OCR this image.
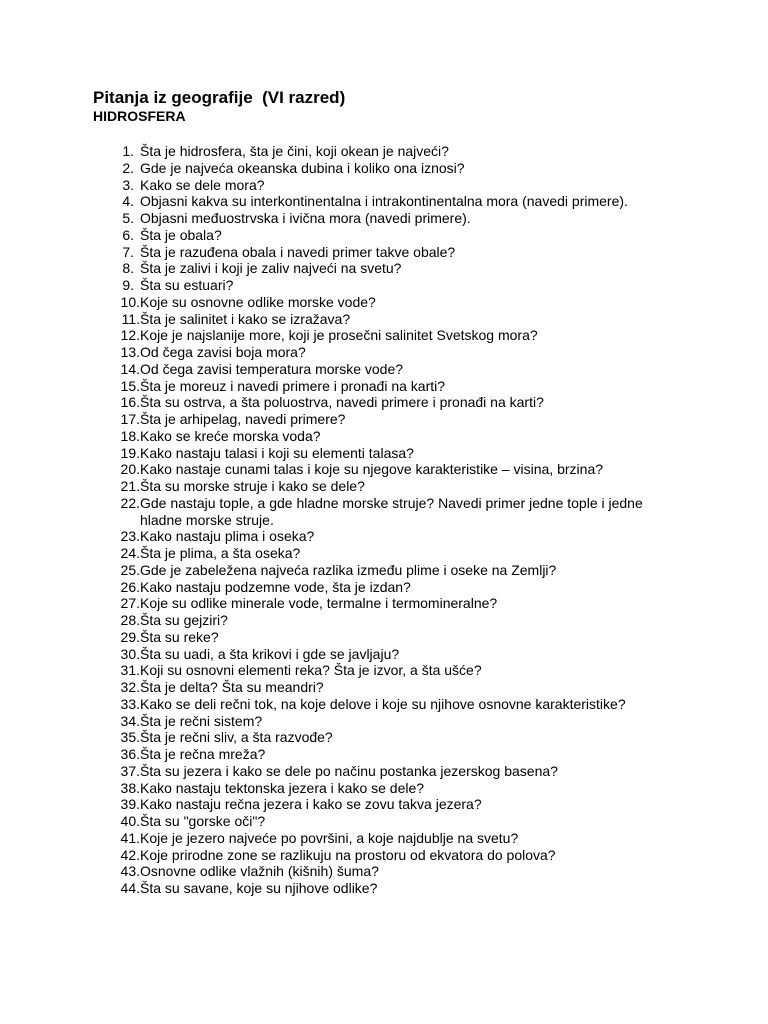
Pitanja iz geografije  (VI razred)
HIDROSFERA
1. Šta je hidrosfera, šta je čini, koji okean je najveći?
2. Gde je najveća okeanska dubina i koliko ona iznosi?
3. Kako se dele mora?
4. Objasni kakva su interkontinentalna i intrakontinentalna mora (navedi primere).
5. Objasni međuostrvska i ivična mora (navedi primere).
6. Šta je obala?
7. Šta je razuđena obala i navedi primer takve obale?
8. Šta je zalivi i koji je zaliv najveći na svetu?
9. Šta su estuari?
10. Koje su osnovne odlike morske vode?
11. Šta je salinitet i kako se izražava?
12. Koje je najslanije more, koji je prosečni salinitet Svetskog mora?
13. Od čega zavisi boja mora?
14. Od čega zavisi temperatura morske vode?
15. Šta je moreuz i navedi primere i pronađi na karti?
16. Šta su ostrva, a šta poluostrva, navedi primere i pronađi na karti?
17. Šta je arhipelag, navedi primere?
18. Kako se kreće morska voda?
19. Kako nastaju talasi i koji su elementi talasa?
20. Kako nastaje cunami talas i koje su njegove karakteristike – visina, brzina?
21. Šta su morske struje i kako se dele?
22. Gde nastaju tople, a gde hladne morske struje? Navedi primer jedne tople i jedne hladne morske struje.
23. Kako nastaju plima i oseka?
24. Šta je plima, a šta oseka?
25. Gde je zabeležena najveća razlika između plime i oseke na Zemlji?
26. Kako nastaju podzemne vode, šta je izdan?
27. Koje su odlike minerale vode, termalne i termomineralne?
28. Šta su gejziri?
29. Šta su reke?
30. Šta su uadi, a šta krikovi i gde se javljaju?
31. Koji su osnovni elementi reka? Šta je izvor, a šta ušće?
32. Šta je delta? Šta su meandri?
33. Kako se deli rečni tok, na koje delove i koje su njihove osnovne karakteristike?
34. Šta je rečni sistem?
35. Šta je rečni sliv, a šta razvođe?
36. Šta je rečna mreža?
37. Šta su jezera i kako se dele po načinu postanka jezerskog basena?
38. Kako nastaju tektonska jezera i kako se dele?
39. Kako nastaju rečna jezera i kako se zovu takva jezera?
40. Šta su "gorske oči"?
41. Koje je jezero najveće po površini, a koje najdublje na svetu?
42. Koje prirodne zone se razlikuju na prostoru od ekvatora do polova?
43. Osnovne odlike vlažnih (kišnih) šuma?
44. Šta su savane, koje su njihove odlike?
